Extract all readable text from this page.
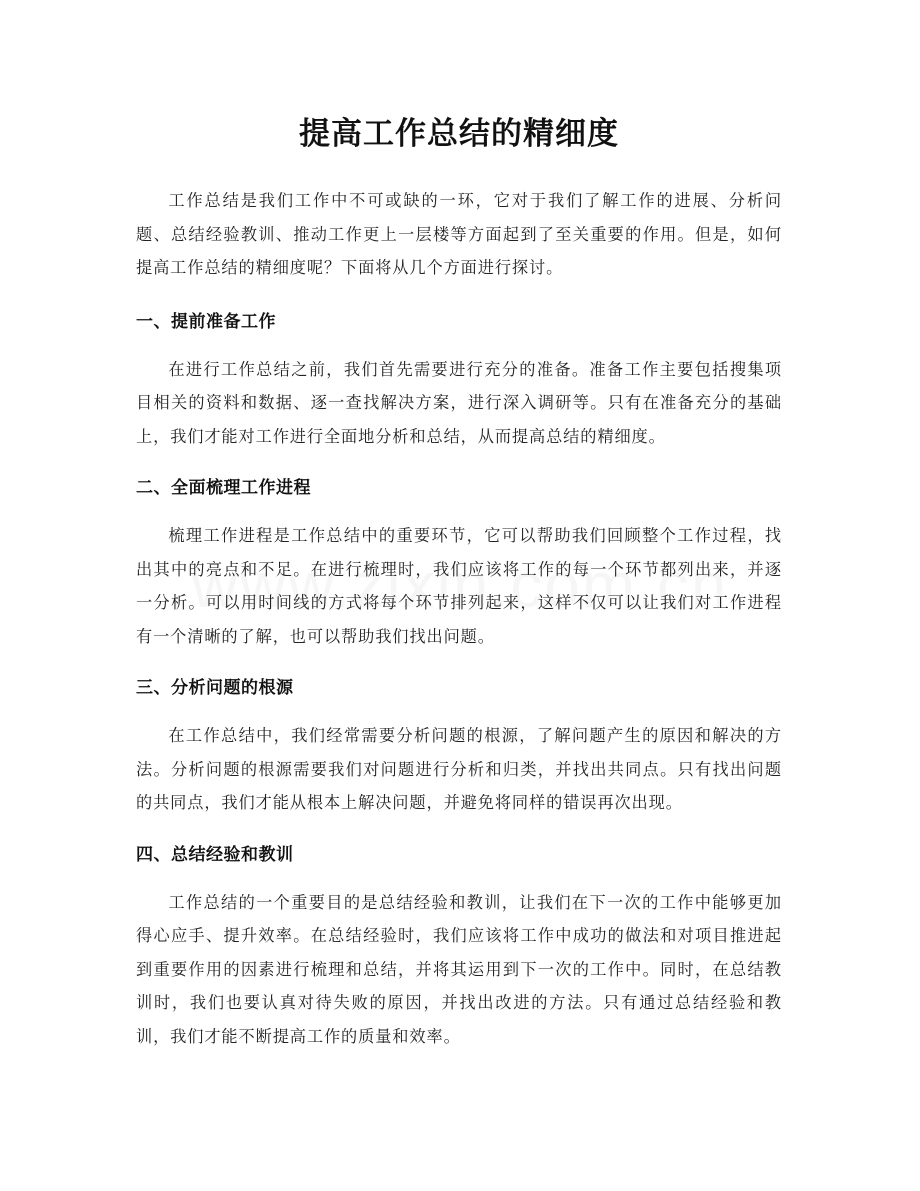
提高工作总结的精细度

工作总结是我们工作中不可或缺的一环，它对于我们了解工作的进展、分析问题、总结经验教训、推动工作更上一层楼等方面起到了至关重要的作用。但是，如何提高工作总结的精细度呢？下面将从几个方面进行探讨。

一、提前准备工作

在进行工作总结之前，我们首先需要进行充分的准备。准备工作主要包括搜集项目相关的资料和数据、逐一查找解决方案，进行深入调研等。只有在准备充分的基础上，我们才能对工作进行全面地分析和总结，从而提高总结的精细度。

二、全面梳理工作进程

梳理工作进程是工作总结中的重要环节，它可以帮助我们回顾整个工作过程，找出其中的亮点和不足。在进行梳理时，我们应该将工作的每一个环节都列出来，并逐一分析。可以用时间线的方式将每个环节排列起来，这样不仅可以让我们对工作进程有一个清晰的了解，也可以帮助我们找出问题。

三、分析问题的根源

在工作总结中，我们经常需要分析问题的根源，了解问题产生的原因和解决的方法。分析问题的根源需要我们对问题进行分析和归类，并找出共同点。只有找出问题的共同点，我们才能从根本上解决问题，并避免将同样的错误再次出现。

四、总结经验和教训

工作总结的一个重要目的是总结经验和教训，让我们在下一次的工作中能够更加得心应手、提升效率。在总结经验时，我们应该将工作中成功的做法和对项目推进起到重要作用的因素进行梳理和总结，并将其运用到下一次的工作中。同时，在总结教训时，我们也要认真对待失败的原因，并找出改进的方法。只有通过总结经验和教训，我们才能不断提高工作的质量和效率。
